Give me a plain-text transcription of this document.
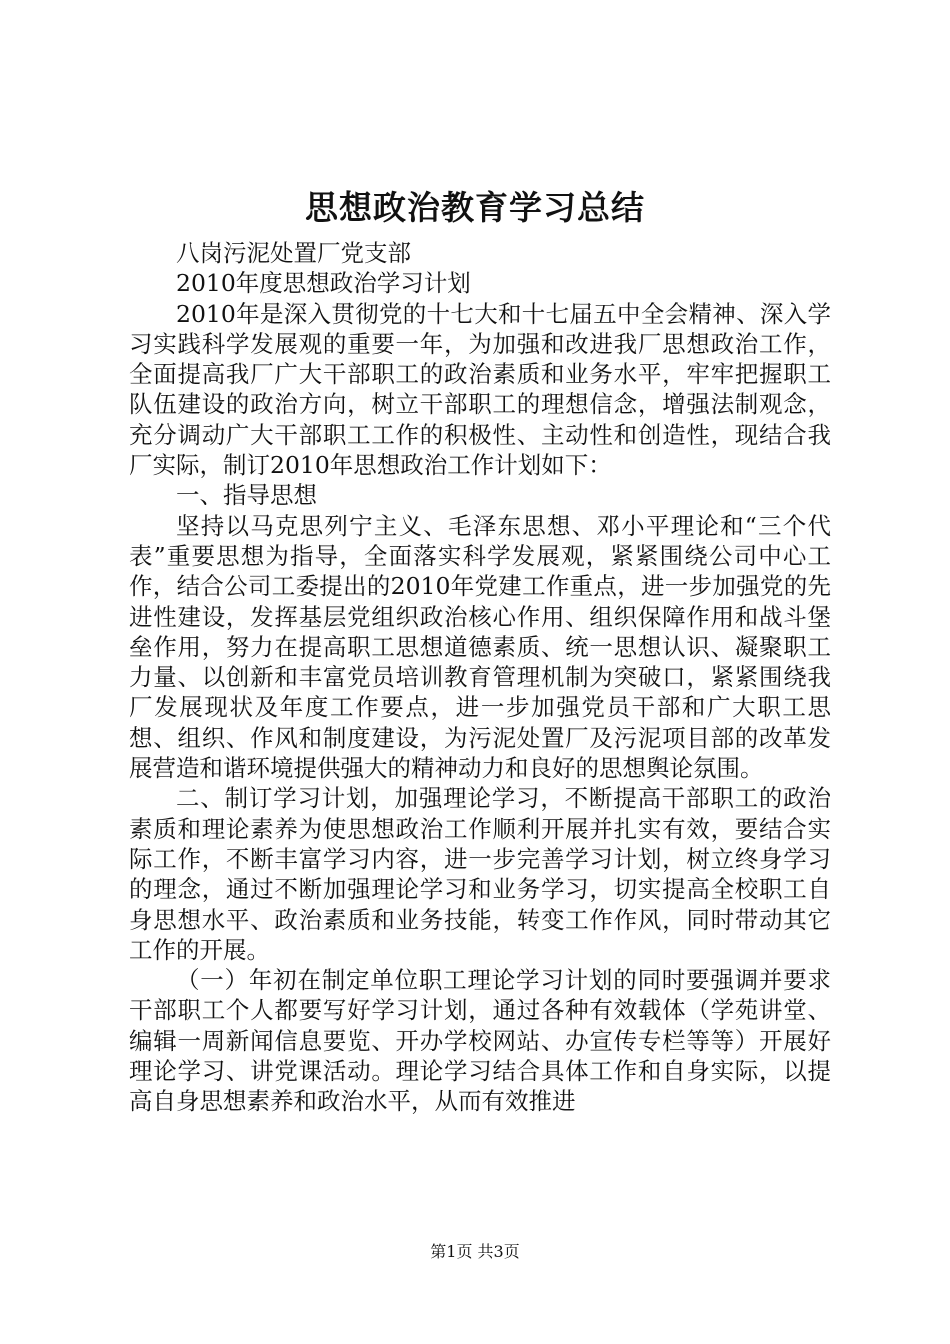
思想政治教育学习总结

八岗污泥处置厂党支部

2010年度思想政治学习计划

2010年是深入贯彻党的十七大和十七届五中全会精神、深入学习实践科学发展观的重要一年，为加强和改进我厂思想政治工作，全面提高我厂广大干部职工的政治素质和业务水平，牢牢把握职工队伍建设的政治方向，树立干部职工的理想信念，增强法制观念，充分调动广大干部职工工作的积极性、主动性和创造性，现结合我厂实际，制订2010年思想政治工作计划如下：

一、指导思想

坚持以马克思列宁主义、毛泽东思想、邓小平理论和“三个代表”重要思想为指导，全面落实科学发展观，紧紧围绕公司中心工作，结合公司工委提出的2010年党建工作重点，进一步加强党的先进性建设，发挥基层党组织政治核心作用、组织保障作用和战斗堡垒作用，努力在提高职工思想道德素质、统一思想认识、凝聚职工力量、以创新和丰富党员培训教育管理机制为突破口，紧紧围绕我厂发展现状及年度工作要点，进一步加强党员干部和广大职工思想、组织、作风和制度建设，为污泥处置厂及污泥项目部的改革发展营造和谐环境提供强大的精神动力和良好的思想舆论氛围。

二、制订学习计划，加强理论学习，不断提高干部职工的政治素质和理论素养为使思想政治工作顺利开展并扎实有效，要结合实际工作，不断丰富学习内容，进一步完善学习计划，树立终身学习的理念，通过不断加强理论学习和业务学习，切实提高全校职工自身思想水平、政治素质和业务技能，转变工作作风，同时带动其它工作的开展。

（一）年初在制定单位职工理论学习计划的同时要强调并要求干部职工个人都要写好学习计划，通过各种有效载体（学苑讲堂、编辑一周新闻信息要览、开办学校网站、办宣传专栏等等）开展好理论学习、讲党课活动。理论学习结合具体工作和自身实际，以提高自身思想素养和政治水平，从而有效推进

第1页 共3页
